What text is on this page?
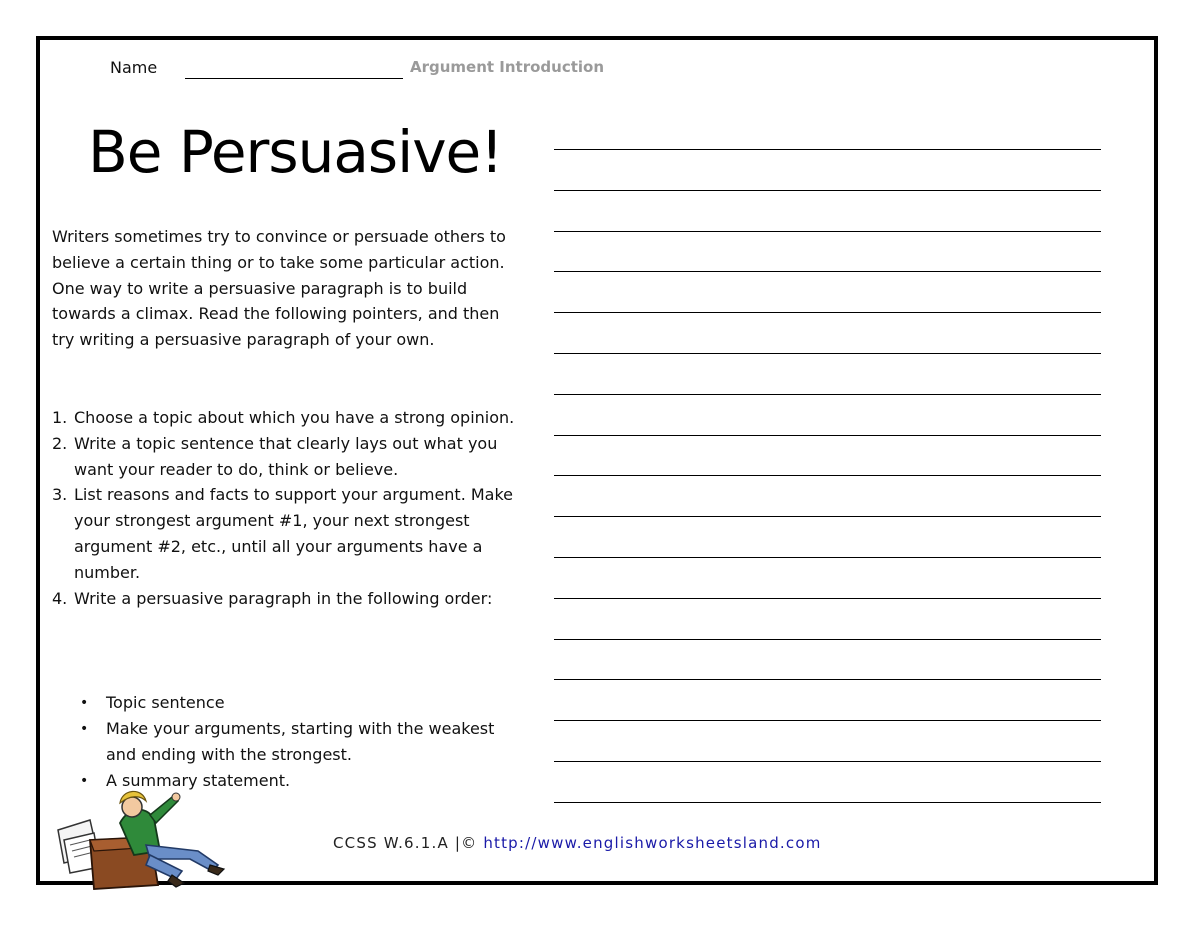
Name	Argument Introduction
Be Persuasive!

Writers sometimes try to convince or persuade others to believe a certain thing or to take some particular action. One way to write a persuasive paragraph is to build towards a climax. Read the following pointers, and then try writing a persuasive paragraph of your own.

1. Choose a topic about which you have a strong opinion.
2. Write a topic sentence that clearly lays out what you want your reader to do, think or believe.
3. List reasons and facts to support your argument. Make your strongest argument #1, your next strongest argument #2, etc., until all your arguments have a number.
4. Write a persuasive paragraph in the following order:
• Topic sentence
• Make your arguments, starting with the weakest and ending with the strongest.
• A summary statement.
CCSS W.6.1.A |© http://www.englishworksheetsland.com
